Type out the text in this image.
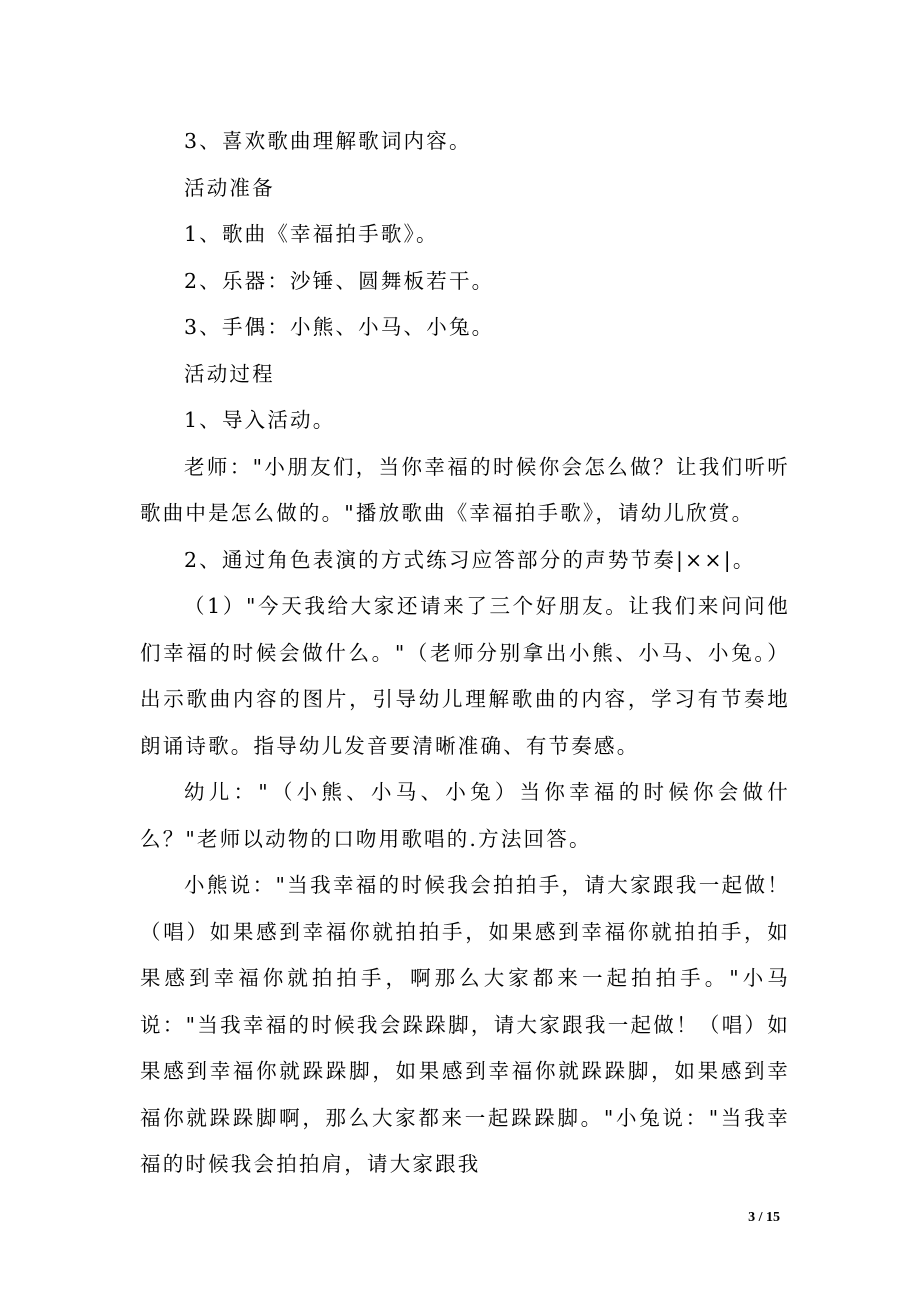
3、喜欢歌曲理解歌词内容。

活动准备

1、歌曲《幸福拍手歌》。

2、乐器：沙锤、圆舞板若干。

3、手偶：小熊、小马、小兔。

活动过程

1、导入活动。

老师："小朋友们，当你幸福的时候你会怎么做？让我们听听歌曲中是怎么做的。"播放歌曲《幸福拍手歌》，请幼儿欣赏。

2、通过角色表演的方式练习应答部分的声势节奏|××|。

（1）"今天我给大家还请来了三个好朋友。让我们来问问他们幸福的时候会做什么。"（老师分别拿出小熊、小马、小兔。）出示歌曲内容的图片，引导幼儿理解歌曲的内容，学习有节奏地朗诵诗歌。指导幼儿发音要清晰准确、有节奏感。

幼儿："（小熊、小马、小兔）当你幸福的时候你会做什么？"老师以动物的口吻用歌唱的.方法回答。

小熊说："当我幸福的时候我会拍拍手，请大家跟我一起做！（唱）如果感到幸福你就拍拍手，如果感到幸福你就拍拍手，如果感到幸福你就拍拍手，啊那么大家都来一起拍拍手。"小马说："当我幸福的时候我会跺跺脚，请大家跟我一起做！（唱）如果感到幸福你就跺跺脚，如果感到幸福你就跺跺脚，如果感到幸福你就跺跺脚啊，那么大家都来一起跺跺脚。"小兔说："当我幸福的时候我会拍拍肩，请大家跟我

3 / 15
